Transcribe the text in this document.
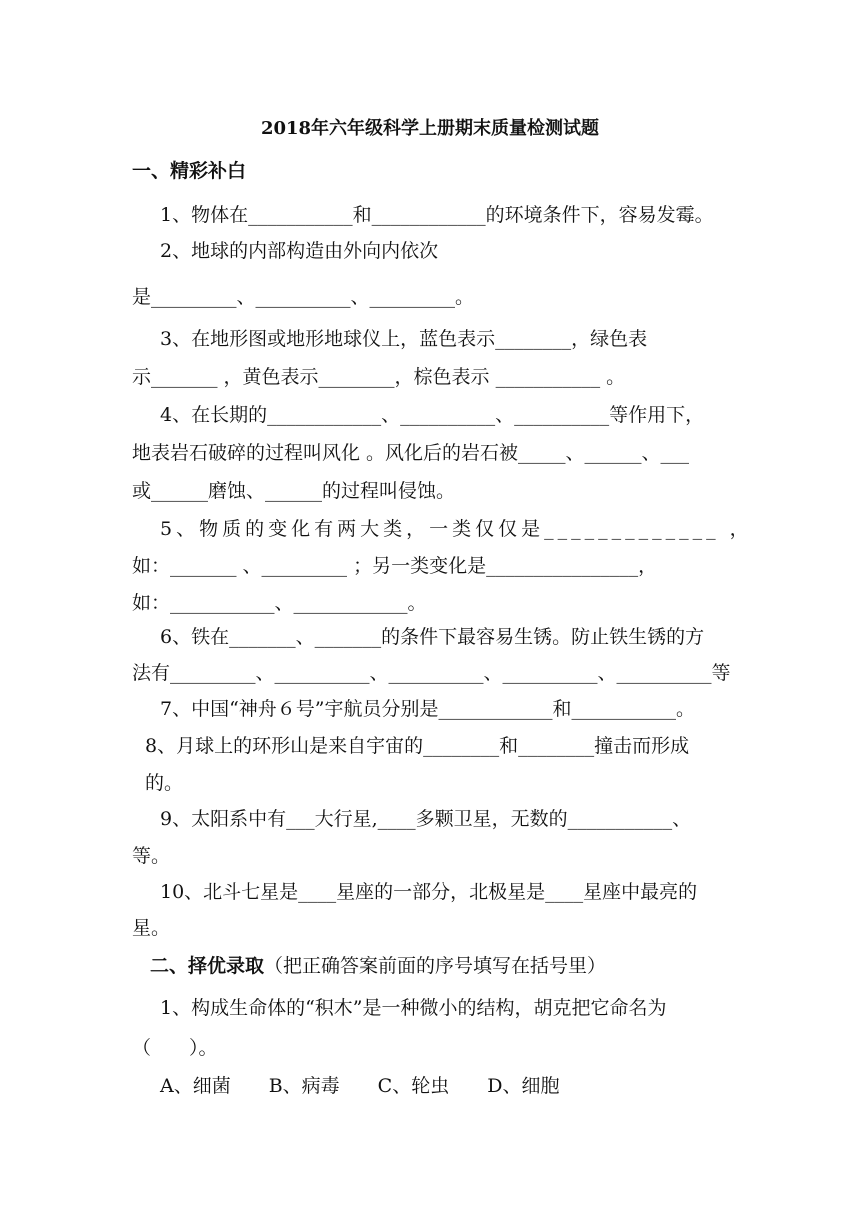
2018年六年级科学上册期末质量检测试题
一、精彩补白
1、物体在___________和____________的环境条件下，容易发霉。
2、地球的内部构造由外向内依次
是_________、__________、_________。
3、在地形图或地形地球仪上，蓝色表示________，绿色表
示_______ ，黄色表示________，棕色表示 ___________ 。
4、在长期的____________、__________、__________等作用下，
地表岩石破碎的过程叫风化 。风化后的岩石被_____、______、___
或______磨蚀、______的过程叫侵蚀。
5、物质的变化有两大类，一类仅仅是_____________ ，
如：_______ 、_________ ；另一类变化是________________，
如：___________、____________。
6、铁在_______、_______的条件下最容易生锈。防止铁生锈的方
法有_________、__________、__________、__________、__________等
7、中国“神舟６号”宇航员分别是____________和___________。
8、月球上的环形山是来自宇宙的________和________撞击而形成
的。
9、太阳系中有___大行星,____多颗卫星，无数的___________、
等。
10、北斗七星是____星座的一部分，北极星是____星座中最亮的
星。
二、择优录取（把正确答案前面的序号填写在括号里）
1、构成生命体的“积木”是一种微小的结构，胡克把它命名为
（　　）。
A、细菌　　B、病毒　　C、轮虫　　D、细胞
